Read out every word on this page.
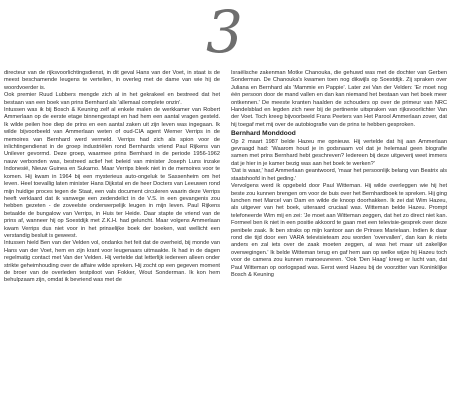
3

directeur van de rijksvoorlichtingsdienst, in dit geval Hans van der Voet, in staat is de meest beschamende leugens te vertellen, in overleg met de dame van wie hij de woordvoerder is.

Ook premier Ruud Lubbers mengde zich al in het gekrakeel en bestreed dat het bestaan van een boek van prins Bernhard als 'allemaal complete onzin'.

Intussen was ik bij Bosch & Keuning zelf al enkele malen de werkkamer van Robert Ammerlaan op de eerste etage binnengestapt en had hem een aantal vragen gesteld. Ik wilde peilen hoe diep de prins en een aantal zaken uit zijn leven was ingegaan. Ik wilde bijvoorbeeld van Ammerlaan weten of oud-CIA agent Werner Verrips in de memoires van Bernhard werd vermeld. Verrips had zich als spion voor de inlichtingendienst in de groep industriëlen rond Bernhards vriend Paul Rijkens van Unilever gevormd. Deze groep, waarmee prins Bernhard in de periode 1956-1962 nauw verbonden was, bestreed actief het beleid van minister Joseph Luns inzake Indonesië, Nieuw Guinea en Sukarno. Maar Verrips bleek niet in de memoires voor te komen. Hij kwam in 1964 bij een mysterieus auto-ongeluk te Sassenheim om het leven. Heel toevallig laten minister Hans Dijkstal en de heer Docters van Leeuwen rond mijn huidige proces tegen de Staat, een vals document circuleren waarin deze Verrips heeft verklaard dat ik vanwege een zedendelict in de V.S. in een gevangenis zou hebben gezeten - de zoveelste onderwerpelijk leugen in mijn leven. Paul Rijkens betaalde de bungalow van Verrips, in Huis ter Heide. Daar stapte de vriend van de prins af, wanneer hij op Soestdijk met Z.K.H. had geluncht. Maar volgens Ammerlaan kwam Verrips dus niet voor in het prinselijke boek der boeken, wat wellicht een verstandig besluit is geweest.

Intussen hield Ben van der Velden vol, ondanks het feit dat de overheid, bij monde van Hans van der Voet, hem en zijn krant voor leugenaars uitmaakte. Ik had in de dagen regelmatig contact met Van der Velden. Hij vertelde dat letterlijk iedereen alleen onder strikte geheimhouding over de affaire wilde spreken. Hij zocht op een gegeven moment de broer van de overleden testpiloot van Fokker, Wout Sonderman. Ik kon hem behulpzaam zijn, omdat ik bevriend was met de

Israëlische zakenman Motke Chanouka, die gehuwd was met de dochter van Gerben Sonderman. De Chanouka's kwamen toen nog dikwijls op Soestdijk. Zij spraken over Juliana en Bernhard als 'Mammie en Pappie'. Later zei Van der Velden: 'Er moet nog één persoon door de mand vallen en dan kan niemand het bestaan van het boek meer ontkennen.' De meeste kranten haalden de schouders op over de primeur van NRC Handelsblad en legden zich neer bij de pertinente uitspraken van rijksvoorlichter Van der Voet. Toch kreeg bijvoorbeeld Frans Peeters van Het Parool Ammerlaan zover, dat hij toegaf met mij over de autobiografie van de prins te hebben gesproken.

Bernhard Monddood

Op 2 maart 1987 belde Hazeu me opnieuw. Hij vertelde dat hij aan Ammerlaan gevraagd had: 'Waarom houd je in godsnaam vol dat je helemaal geen biografie samen met prins Bernhard hebt geschreven? Iedereen bij deze uitgeverij weet immers dat je hier in je kamer bezig was aan het boek te werken?'

'Dat is waar,' had Ammerlaan geantwoord, 'maar het persoonlijk belang van Beatrix als staatshoofd in het geding.'

Vervolgens werd ik opgebeld door Paul Witteman. Hij wilde overleggen wie hij het beste zou kunnen brengen om voor de buis over het Bernhardboek te spreken. Hij ging lunchen met Marcel van Dam en wilde de knoop doorhakken. Ik zei dat Wim Hazeu, als uitgever van het boek, uiteraard cruciaal was. Witteman belde Hazeu. Prompt telefoneerde Wim mij en zei: 'Je moet aan Witteman zeggen, dat het zo direct niet kan. Formeel ben ik niet in een positie akkoord te gaan met een televisie-gesprek over deze penibele zaak. Ik ben straks op mijn kantoor aan de Prinses Marielaan. Indien ik daar rond die tijd door een VARA televisieteam zou worden 'overvallen', dan kan ik niets anders en zal iets over de zaak moeten zeggen, al was het maar uit zakelijke overwegingen.' Ik belde Witteman terug en gaf hem aan op welke wijze hij Hazeu toch voor de camera zou kunnen manoeuvreren. 'Ook 'Den Haag' kreeg er lucht van, dat Paul Witteman op oorlogspad was. Eerst werd Hazeu bij de voorzitter van Koninklijke Bosch & Keuning
